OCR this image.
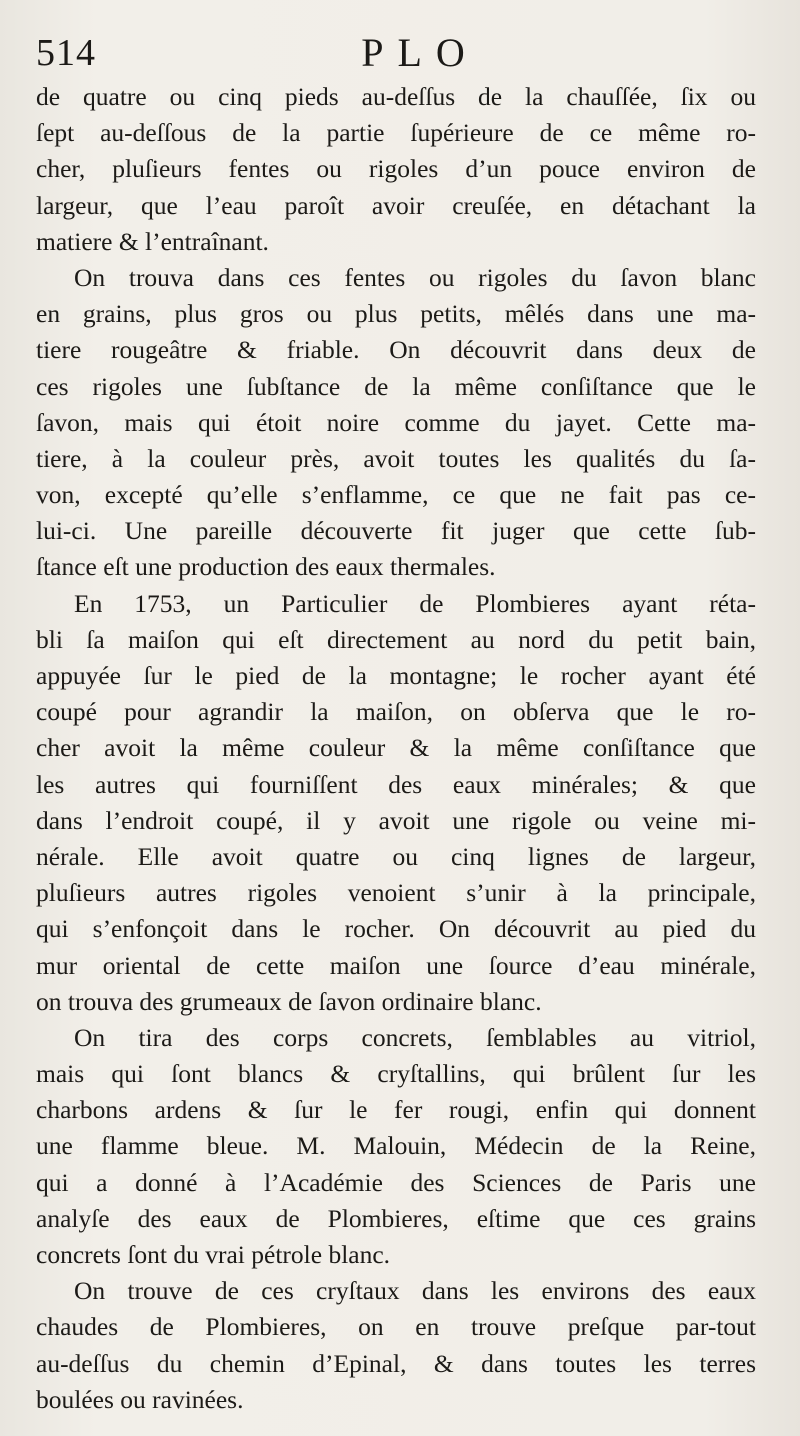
514	PLO
de quatre ou cinq pieds au-deſſus de la chauſſée, ſix ou
ſept au-deſſous de la partie ſupérieure de ce même ro-
cher, pluſieurs fentes ou rigoles d’un pouce environ de
largeur, que l’eau paroît avoir creuſée, en détachant la
matiere & l’entraînant.
On trouva dans ces fentes ou rigoles du ſavon blanc
en grains, plus gros ou plus petits, mêlés dans une ma-
tiere rougeâtre & friable. On découvrit dans deux de
ces rigoles une ſubſtance de la même conſiſtance que le
ſavon, mais qui étoit noire comme du jayet. Cette ma-
tiere, à la couleur près, avoit toutes les qualités du ſa-
von, excepté qu’elle s’enflamme, ce que ne fait pas ce-
lui-ci. Une pareille découverte fit juger que cette ſub-
ſtance eſt une production des eaux thermales.
En 1753, un Particulier de Plombieres ayant réta-
bli ſa maiſon qui eſt directement au nord du petit bain,
appuyée ſur le pied de la montagne; le rocher ayant été
coupé pour agrandir la maiſon, on obſerva que le ro-
cher avoit la même couleur & la même conſiſtance que
les autres qui fourniſſent des eaux minérales; & que
dans l’endroit coupé, il y avoit une rigole ou veine mi-
nérale. Elle avoit quatre ou cinq lignes de largeur,
pluſieurs autres rigoles venoient s’unir à la principale,
qui s’enfonçoit dans le rocher. On découvrit au pied du
mur oriental de cette maiſon une ſource d’eau minérale,
on trouva des grumeaux de ſavon ordinaire blanc.
On tira des corps concrets, ſemblables au vitriol,
mais qui ſont blancs & cryſtallins, qui brûlent ſur les
charbons ardens & ſur le fer rougi, enfin qui donnent
une flamme bleue. M. Malouin, Médecin de la Reine,
qui a donné à l’Académie des Sciences de Paris une
analyſe des eaux de Plombieres, eſtime que ces grains
concrets ſont du vrai pétrole blanc.
On trouve de ces cryſtaux dans les environs des eaux
chaudes de Plombieres, on en trouve preſque par-tout
au-deſſus du chemin d’Epinal, & dans toutes les terres
boulées ou ravinées.
